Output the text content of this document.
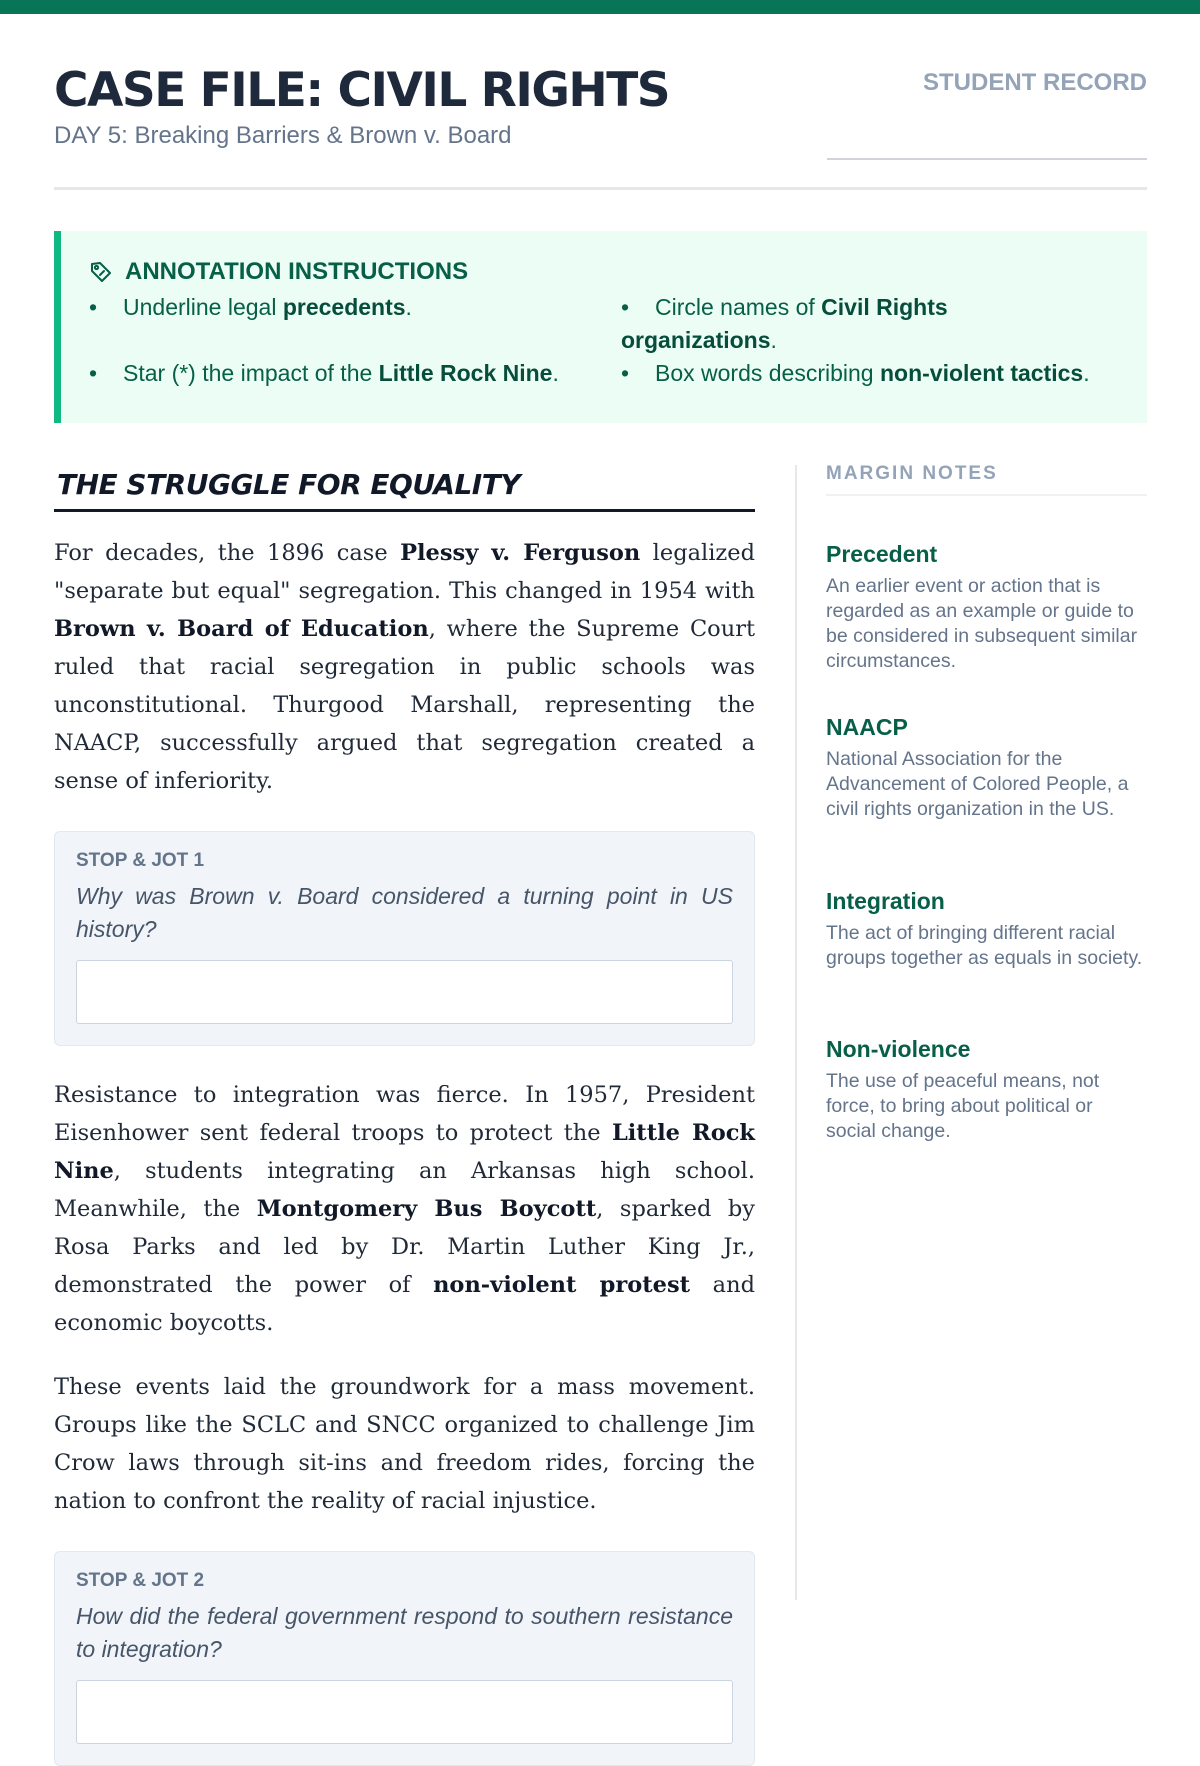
CASE FILE: CIVIL RIGHTS
DAY 5: Breaking Barriers & Brown v. Board
STUDENT RECORD
ANNOTATION INSTRUCTIONS
• Underline legal precedents.	• Circle names of Civil Rights organizations.
• Star (*) the impact of the Little Rock Nine.	• Box words describing non-violent tactics.
THE STRUGGLE FOR EQUALITY

For decades, the 1896 case Plessy v. Ferguson legalized "separate but equal" segregation. This changed in 1954 with Brown v. Board of Education, where the Supreme Court ruled that racial segregation in public schools was unconstitutional. Thurgood Marshall, representing the NAACP, successfully argued that segregation created a sense of inferiority.

STOP & JOT 1
Why was Brown v. Board considered a turning point in US history?

Resistance to integration was fierce. In 1957, President Eisenhower sent federal troops to protect the Little Rock Nine, students integrating an Arkansas high school. Meanwhile, the Montgomery Bus Boycott, sparked by Rosa Parks and led by Dr. Martin Luther King Jr., demonstrated the power of non-violent protest and economic boycotts.

These events laid the groundwork for a mass movement. Groups like the SCLC and SNCC organized to challenge Jim Crow laws through sit-ins and freedom rides, forcing the nation to confront the reality of racial injustice.

STOP & JOT 2
How did the federal government respond to southern resistance to integration?
MARGIN NOTES
Precedent
An earlier event or action that is regarded as an example or guide to be considered in subsequent similar circumstances.
NAACP
National Association for the Advancement of Colored People, a civil rights organization in the US.
Integration
The act of bringing different racial groups together as equals in society.
Non-violence
The use of peaceful means, not force, to bring about political or social change.
